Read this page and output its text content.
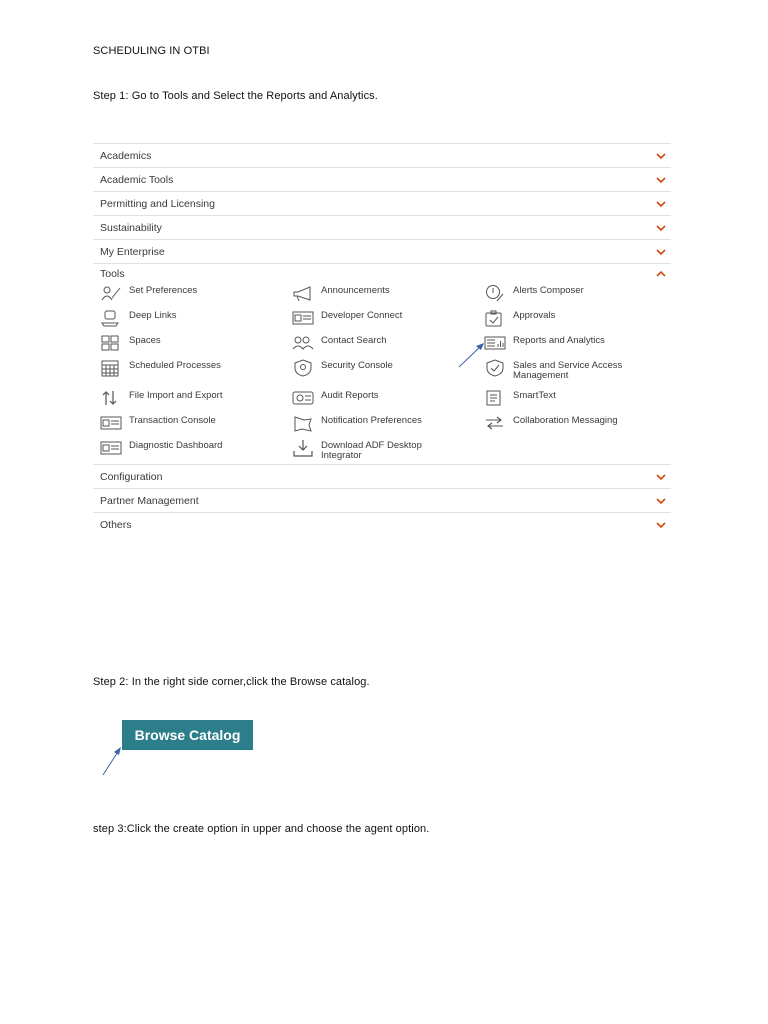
SCHEDULING IN OTBI
Step 1: Go to Tools and Select the Reports and Analytics.
Academics
Academic Tools
Permitting and Licensing
Sustainability
My Enterprise
Tools
Set Preferences
Deep Links
Spaces
Scheduled Processes
File Import and Export
Transaction Console
Diagnostic Dashboard
Announcements
Developer Connect
Contact Search
Security Console
Audit Reports
Notification Preferences
Download ADF Desktop Integrator
Alerts Composer
Approvals
Reports and Analytics
Sales and Service Access Management
SmartText
Collaboration Messaging
Configuration
Partner Management
Others
Step 2: In the right side corner,click the Browse catalog.
Browse Catalog
step 3:Click the create option in upper and choose the agent option.
